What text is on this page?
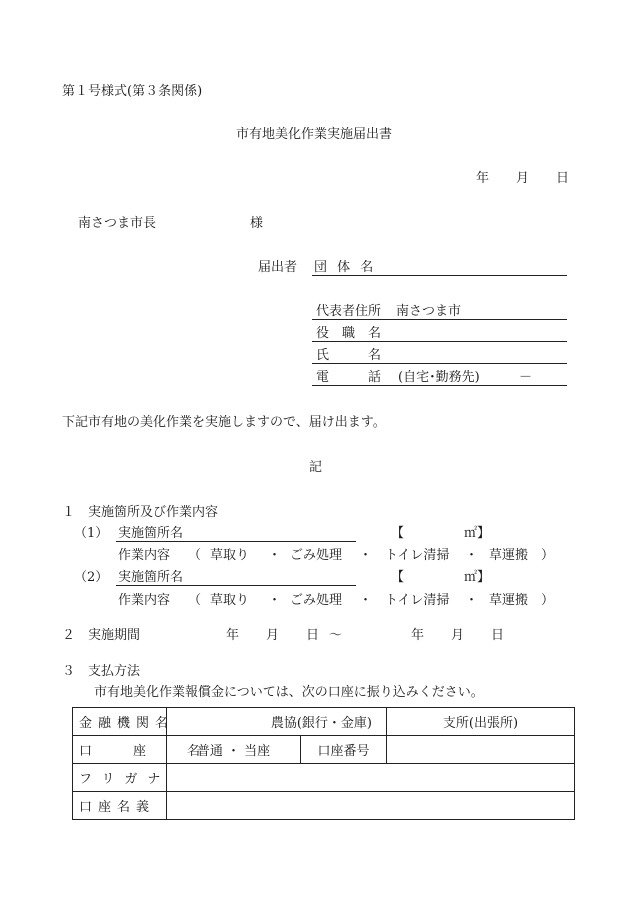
第１号様式(第３条関係)
市有地美化作業実施届出書
年 月 日
南さつま市長	様
届出者 団 体 名
代表者住所 南さつま市
役　職　名
氏　　　名
電　　　話 (自宅･勤務先)	－
下記市有地の美化作業を実施しますので、届け出ます。
記
１　実施箇所及び作業内容
（1） 実施箇所名	【	㎡】
作業内容 （ 草取り ・ ごみ処理 ・ トイレ清掃 ・ 草運搬 ）
（2） 実施箇所名	【	㎡】
作業内容 （ 草取り ・ ごみ処理 ・ トイレ清掃 ・ 草運搬 ）
２　実施期間	年 月 日 ～	年 月 日
３　支払方法
市有地美化作業報償金については、次の口座に振り込みください。
金融機関名	農協(銀行・金庫)		支所(出張所)
口　座　名	普通 ・ 当座	口座番号	
フリガナ			
口座名義			
